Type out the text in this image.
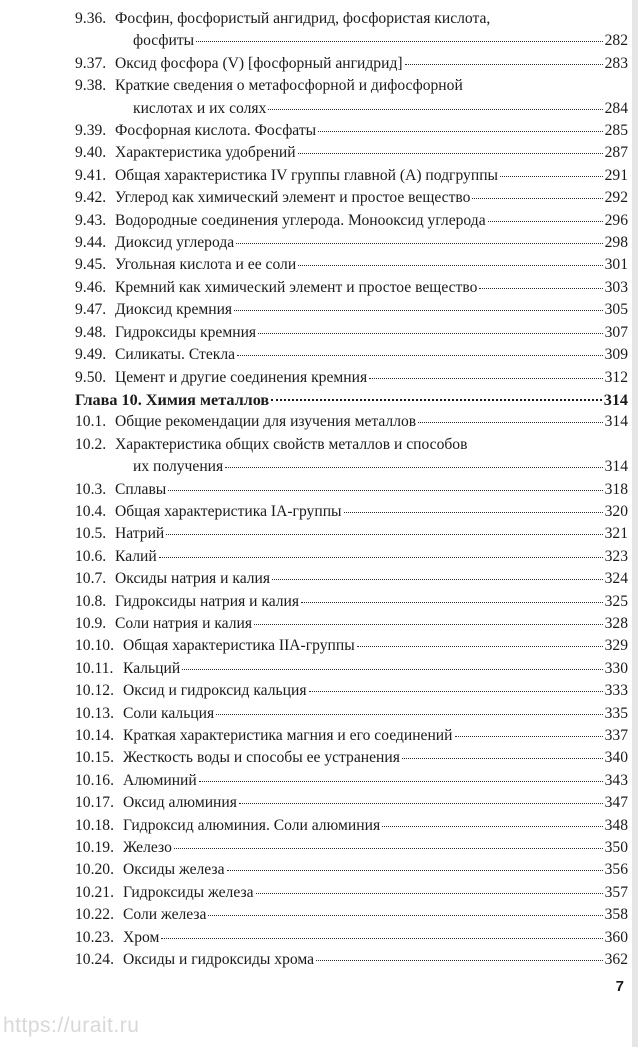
9.36. Фосфин, фосфористый ангидрид, фосфористая кислота,
фосфиты	282
9.37. Оксид фосфора (V) [фосфорный ангидрид]	283
9.38. Краткие сведения о метафосфорной и дифосфорной
кислотах и их солях	284
9.39. Фосфорная кислота. Фосфаты	285
9.40. Характеристика удобрений	287
9.41. Общая характеристика IV группы главной (A) подгруппы	291
9.42. Углерод как химический элемент и простое вещество	292
9.43. Водородные соединения углерода. Монооксид углерода	296
9.44. Диоксид углерода	298
9.45. Угольная кислота и ее соли	301
9.46. Кремний как химический элемент и простое вещество	303
9.47. Диоксид кремния	305
9.48. Гидроксиды кремния	307
9.49. Силикаты. Стекла	309
9.50. Цемент и другие соединения кремния	312
Глава 10. Химия металлов	314
10.1. Общие рекомендации для изучения металлов	314
10.2. Характеристика общих свойств металлов и способов
их получения	314
10.3. Сплавы	318
10.4. Общая характеристика IA-группы	320
10.5. Натрий	321
10.6. Калий	323
10.7. Оксиды натрия и калия	324
10.8. Гидроксиды натрия и калия	325
10.9. Соли натрия и калия	328
10.10. Общая характеристика IIA-группы	329
10.11. Кальций	330
10.12. Оксид и гидроксид кальция	333
10.13. Соли кальция	335
10.14. Краткая характеристика магния и его соединений	337
10.15. Жесткость воды и способы ее устранения	340
10.16. Алюминий	343
10.17. Оксид алюминия	347
10.18. Гидроксид алюминия. Соли алюминия	348
10.19. Железо	350
10.20. Оксиды железа	356
10.21. Гидроксиды железа	357
10.22. Соли железа	358
10.23. Хром	360
10.24. Оксиды и гидроксиды хрома	362
7
https://urait.ru
